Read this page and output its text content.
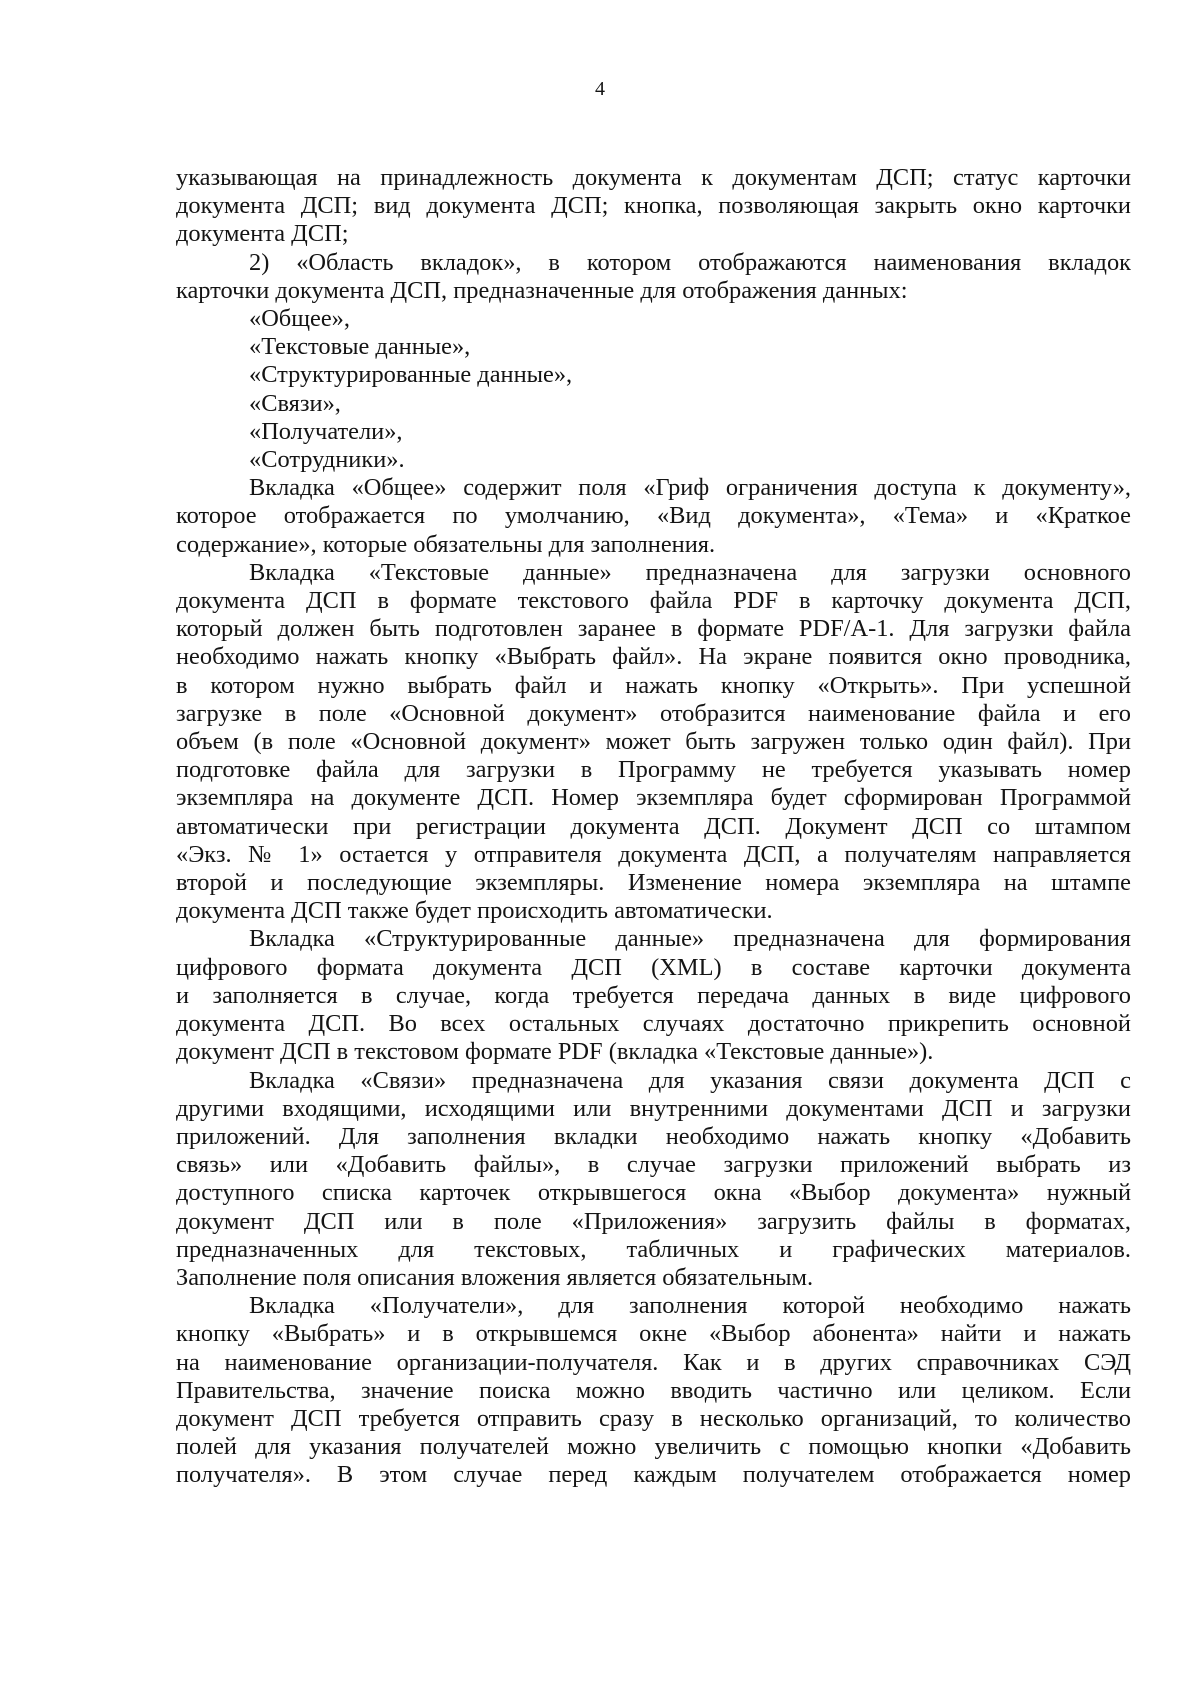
4
указывающая на принадлежность документа к документам ДСП; статус карточки
документа ДСП; вид документа ДСП; кнопка, позволяющая закрыть окно карточки
документа ДСП;
2) «Область вкладок», в котором отображаются наименования вкладок
карточки документа ДСП, предназначенные для отображения данных:
«Общее»,
«Текстовые данные»,
«Структурированные данные»,
«Связи»,
«Получатели»,
«Сотрудники».
Вкладка «Общее» содержит поля «Гриф ограничения доступа к документу»,
которое отображается по умолчанию, «Вид документа», «Тема» и «Краткое
содержание», которые обязательны для заполнения.
Вкладка «Текстовые данные» предназначена для загрузки основного
документа ДСП в формате текстового файла PDF в карточку документа ДСП,
который должен быть подготовлен заранее в формате PDF/A-1. Для загрузки файла
необходимо нажать кнопку «Выбрать файл». На экране появится окно проводника,
в котором нужно выбрать файл и нажать кнопку «Открыть». При успешной
загрузке в поле «Основной документ» отобразится наименование файла и его
объем (в поле «Основной документ» может быть загружен только один файл). При
подготовке файла для загрузки в Программу не требуется указывать номер
экземпляра на документе ДСП. Номер экземпляра будет сформирован Программой
автоматически при регистрации документа ДСП. Документ ДСП со штампом
«Экз. № 1» остается у отправителя документа ДСП, а получателям направляется
второй и последующие экземпляры. Изменение номера экземпляра на штампе
документа ДСП также будет происходить автоматически.
Вкладка «Структурированные данные» предназначена для формирования
цифрового формата документа ДСП (XML) в составе карточки документа
и заполняется в случае, когда требуется передача данных в виде цифрового
документа ДСП. Во всех остальных случаях достаточно прикрепить основной
документ ДСП в текстовом формате PDF (вкладка «Текстовые данные»).
Вкладка «Связи» предназначена для указания связи документа ДСП с
другими входящими, исходящими или внутренними документами ДСП и загрузки
приложений. Для заполнения вкладки необходимо нажать кнопку «Добавить
связь» или «Добавить файлы», в случае загрузки приложений выбрать из
доступного списка карточек открывшегося окна «Выбор документа» нужный
документ ДСП или в поле «Приложения» загрузить файлы в форматах,
предназначенных для текстовых, табличных и графических материалов.
Заполнение поля описания вложения является обязательным.
Вкладка «Получатели», для заполнения которой необходимо нажать
кнопку «Выбрать» и в открывшемся окне «Выбор абонента» найти и нажать
на наименование организации-получателя. Как и в других справочниках СЭД
Правительства, значение поиска можно вводить частично или целиком. Если
документ ДСП требуется отправить сразу в несколько организаций, то количество
полей для указания получателей можно увеличить с помощью кнопки «Добавить
получателя». В этом случае перед каждым получателем отображается номер
